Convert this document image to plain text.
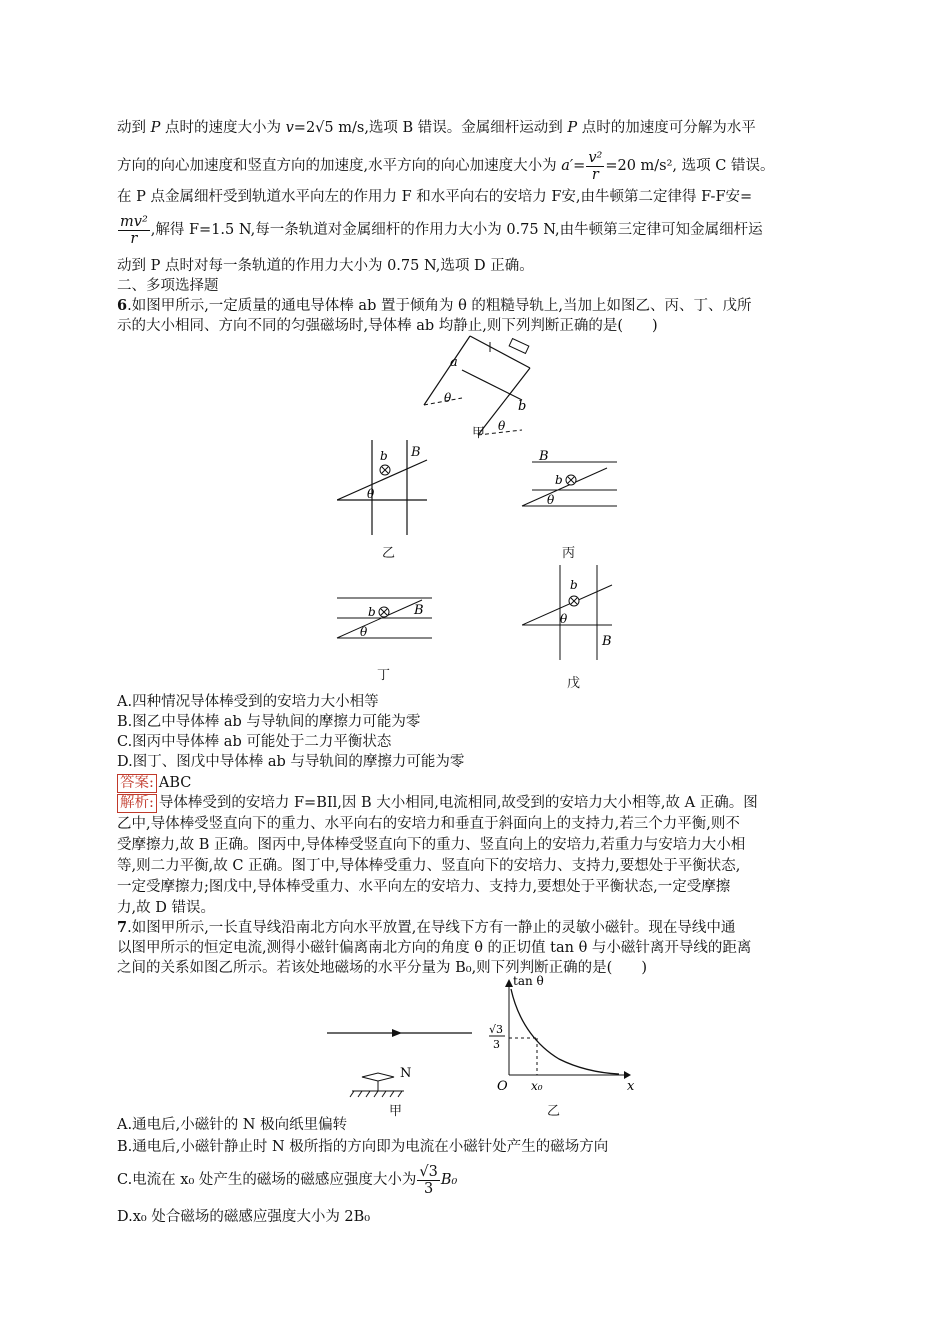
动到 P 点时的速度大小为 v=2√5 m/s,选项 B 错误。金属细杆运动到 P 点时的加速度可分解为水平
方向的向心加速度和竖直方向的加速度,水平方向的向心加速度大小为 $a'= \frac{\text{v²}}{r} =20$ m/s², 选项 C 错误。
在 P 点金属细杆受到轨道水平向左的作用力 F 和水平向右的安培力 F安,由牛顿第二定律得 F-F安=
$\frac{\text{mv²}}{r}$ ,解得 F=1.5 N,每一条轨道对金属细杆的作用力大小为 0.75 N,由牛顿第三定律可知金属细杆运
动到 P 点时对每一条轨道的作用力大小为 0.75 N,选项 D 正确。
二、多项选择题
6.如图甲所示,一定质量的通电导体棒 ab 置于倾角为 θ 的粗糙导轨上,当加上如图乙、丙、丁、戊所
示的大小相同、方向不同的匀强磁场时,导体棒 ab 均静止,则下列判断正确的是(　　)
a
b
θ
θ
甲
B
b
θ
乙
B
b
θ
丙
B
b
θ
丁
B
b
θ
戊
A.四种情况导体棒受到的安培力大小相等
B.图乙中导体棒 ab 与导轨间的摩擦力可能为零
C.图丙中导体棒 ab 可能处于二力平衡状态
D.图丁、图戊中导体棒 ab 与导轨间的摩擦力可能为零
答案: ABC
解析: 导体棒受到的安培力 F=BIl,因 B 大小相同,电流相同,故受到的安培力大小相等,故 A 正确。图
乙中,导体棒受竖直向下的重力、水平向右的安培力和垂直于斜面向上的支持力,若三个力平衡,则不
受摩擦力,故 B 正确。图丙中,导体棒受竖直向下的重力、竖直向上的安培力,若重力与安培力大小相
等,则二力平衡,故 C 正确。图丁中,导体棒受重力、竖直向下的安培力、支持力,要想处于平衡状态,
一定受摩擦力;图戊中,导体棒受重力、水平向左的安培力、支持力,要想处于平衡状态,一定受摩擦
力,故 D 错误。
7.如图甲所示,一长直导线沿南北方向水平放置,在导线下方有一静止的灵敏小磁针。现在导线中通
以图甲所示的恒定电流,测得小磁针偏离南北方向的角度 θ 的正切值 tan θ 与小磁针离开导线的距离
之间的关系如图乙所示。若该处地磁场的水平分量为 B₀,则下列判断正确的是(　　)
N
甲
tan θ
x
O x₀
√3
3
乙
A.通电后,小磁针的 N 极向纸里偏转
B.通电后,小磁针静止时 N 极所指的方向即为电流在小磁针处产生的磁场方向
C.电流在 x₀ 处产生的磁场的磁感应强度大小为 $\frac{√3}{3} B_0$
D.x₀ 处合磁场的磁感应强度大小为 2B₀
